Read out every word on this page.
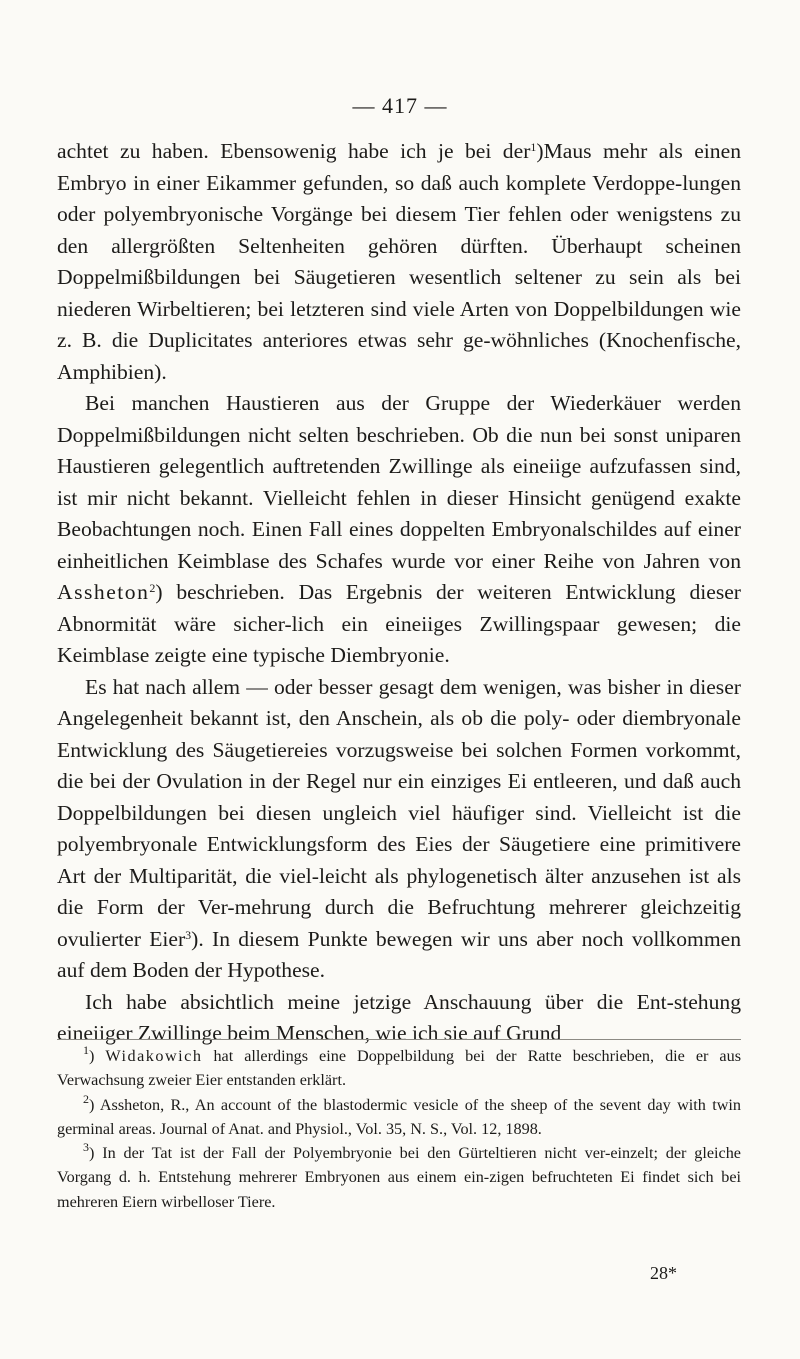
— 417 —

achtet zu haben. Ebensowenig habe ich je bei der$^1$)Maus mehr als einen Embryo in einer Eikammer gefunden, so daß auch komplete Verdoppe-lungen oder polyembryonische Vorgänge bei diesem Tier fehlen oder wenigstens zu den allergrößten Seltenheiten gehören dürften. Überhaupt scheinen Doppelmißbildungen bei Säugetieren wesentlich seltener zu sein als bei niederen Wirbeltieren; bei letzteren sind viele Arten von Doppelbildungen wie z. B. die Duplicitates anteriores etwas sehr ge-wöhnliches (Knochenfische, Amphibien).

Bei manchen Haustieren aus der Gruppe der Wiederkäuer werden Doppelmißbildungen nicht selten beschrieben. Ob die nun bei sonst uniparen Haustieren gelegentlich auftretenden Zwillinge als eineiige aufzufassen sind, ist mir nicht bekannt. Vielleicht fehlen in dieser Hinsicht genügend exakte Beobachtungen noch. Einen Fall eines doppelten Embryonalschildes auf einer einheitlichen Keimblase des Schafes wurde vor einer Reihe von Jahren von Assheton$^2$) beschrieben. Das Ergebnis der weiteren Entwicklung dieser Abnormität wäre sicher-lich ein eineiiges Zwillingspaar gewesen; die Keimblase zeigte eine typische Diembryonie.

Es hat nach allem — oder besser gesagt dem wenigen, was bisher in dieser Angelegenheit bekannt ist, den Anschein, als ob die poly- oder diembryonale Entwicklung des Säugetiereies vorzugsweise bei solchen Formen vorkommt, die bei der Ovulation in der Regel nur ein einziges Ei entleeren, und daß auch Doppelbildungen bei diesen ungleich viel häufiger sind. Vielleicht ist die polyembryonale Entwicklungsform des Eies der Säugetiere eine primitivere Art der Multiparität, die viel-leicht als phylogenetisch älter anzusehen ist als die Form der Ver-mehrung durch die Befruchtung mehrerer gleichzeitig ovulierter Eier$^3$). In diesem Punkte bewegen wir uns aber noch vollkommen auf dem Boden der Hypothese.

Ich habe absichtlich meine jetzige Anschauung über die Ent-stehung eineiiger Zwillinge beim Menschen, wie ich sie auf Grund

$^1$) Widakowich hat allerdings eine Doppelbildung bei der Ratte beschrieben, die er aus Verwachsung zweier Eier entstanden erklärt.

$^2$) Assheton, R., An account of the blastodermic vesicle of the sheep of the sevent day with twin germinal areas. Journal of Anat. and Physiol., Vol. 35, N. S., Vol. 12, 1898.

$^3$) In der Tat ist der Fall der Polyembryonie bei den Gürteltieren nicht ver-einzelt; der gleiche Vorgang d. h. Entstehung mehrerer Embryonen aus einem ein-zigen befruchteten Ei findet sich bei mehreren Eiern wirbelloser Tiere.

28*
